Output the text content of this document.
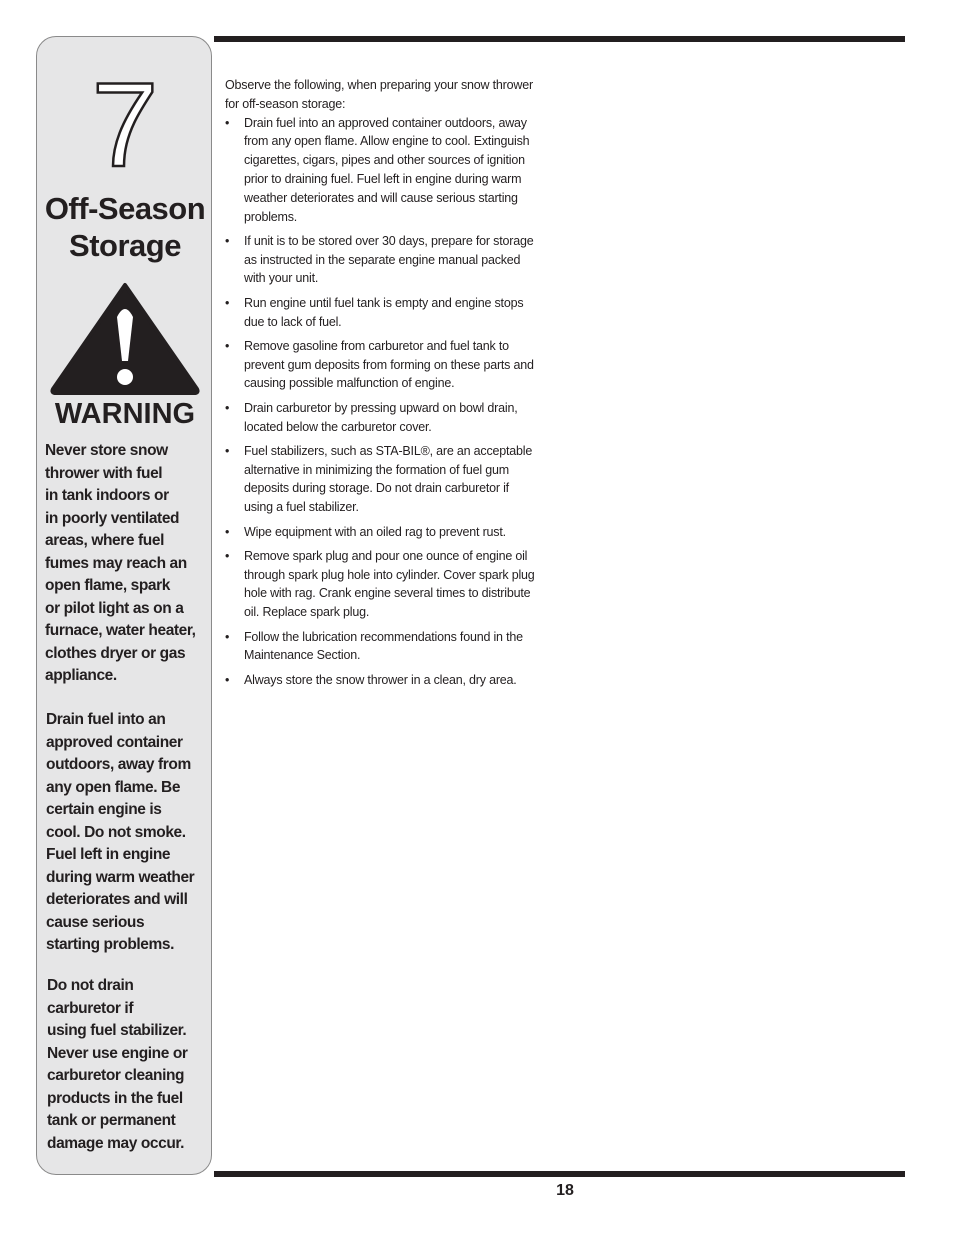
7
Off-Season
Storage
WARNING
Never store snow
thrower with fuel
in tank indoors or
in poorly ventilated
areas, where fuel
fumes may reach an
open flame, spark
or pilot light as on a
furnace, water heater,
clothes dryer or gas
appliance.
Drain fuel into an
approved container
outdoors, away from
any open flame. Be
certain engine is
cool. Do not smoke.
Fuel left in engine
during warm weather
deteriorates and will
cause serious
starting problems.
Do not drain
carburetor if
using fuel stabilizer.
Never use engine or
carburetor cleaning
products in the fuel
tank or permanent
damage may occur.
Observe the following, when preparing your snow thrower
for off-season storage:
• Drain fuel into an approved container outdoors, away
from any open flame. Allow engine to cool. Extinguish
cigarettes, cigars, pipes and other sources of ignition
prior to draining fuel. Fuel left in engine during warm
weather deteriorates and will cause serious starting
problems.
• If unit is to be stored over 30 days, prepare for storage
as instructed in the separate engine manual packed
with your unit.
• Run engine until fuel tank is empty and engine stops
due to lack of fuel.
• Remove gasoline from carburetor and fuel tank to
prevent gum deposits from forming on these parts and
causing possible malfunction of engine.
• Drain carburetor by pressing upward on bowl drain,
located below the carburetor cover.
• Fuel stabilizers, such as STA-BIL®, are an acceptable
alternative in minimizing the formation of fuel gum
deposits during storage. Do not drain carburetor if
using a fuel stabilizer.
• Wipe equipment with an oiled rag to prevent rust.
• Remove spark plug and pour one ounce of engine oil
through spark plug hole into cylinder. Cover spark plug
hole with rag. Crank engine several times to distribute
oil. Replace spark plug.
• Follow the lubrication recommendations found in the
Maintenance Section.
• Always store the snow thrower in a clean, dry area.
18
